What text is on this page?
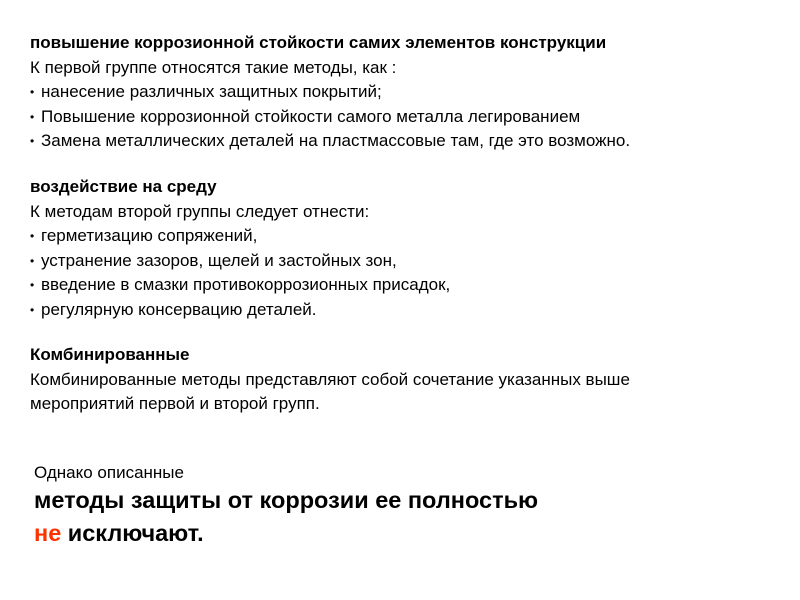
повышение коррозионной стойкости самих элементов конструкции
К первой группе относятся такие методы, как :
• нанесение различных защитных покрытий;
• Повышение коррозионной стойкости самого металла легированием
• Замена металлических деталей на пластмассовые там, где это возможно.
воздействие на среду
К методам второй группы следует отнести:
• герметизацию сопряжений,
• устранение зазоров, щелей и застойных зон,
• введение в смазки противокоррозионных присадок,
• регулярную консервацию деталей.
Комбинированные
Комбинированные методы представляют собой сочетание указанных выше
мероприятий первой и второй групп.
Однако описанные
методы защиты от коррозии ее полностью
не исключают.
